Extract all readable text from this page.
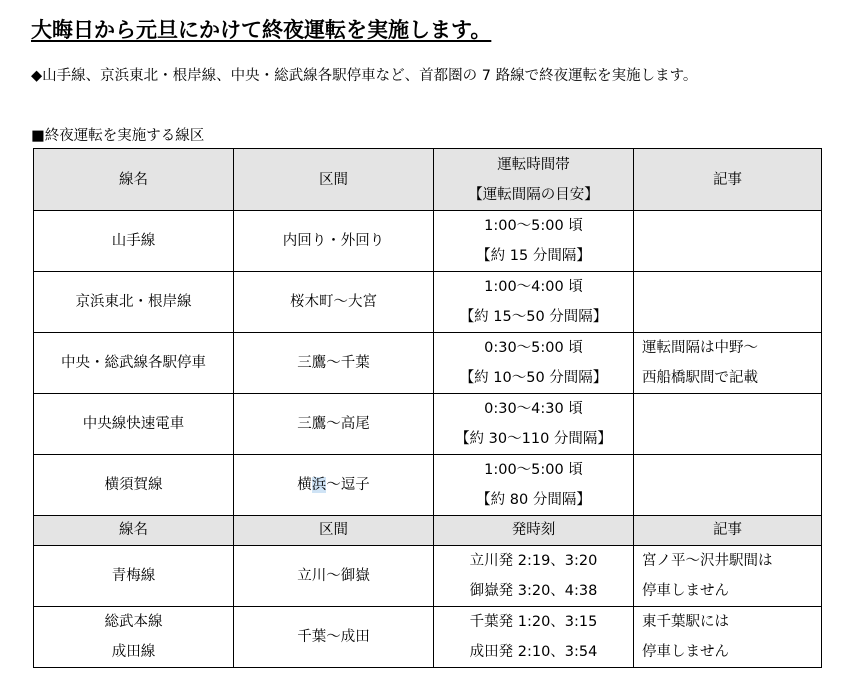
大晦日から元旦にかけて終夜運転を実施します。
◆山手線、京浜東北・根岸線、中央・総武線各駅停車など、首都圏の 7 路線で終夜運転を実施します。
■終夜運転を実施する線区
線名	区間	運転時間帯
【運転間隔の目安】	記事
山手線	内回り・外回り	1:00～5:00 頃
【約 15 分間隔】	

京浜東北・根岸線	桜木町～大宮	1:00～4:00 頃
【約 15～50 分間隔】	

中央・総武線各駅停車	三鷹～千葉	0:30～5:00 頃
【約 10～50 分間隔】	運転間隔は中野～
西船橋駅間で記載

中央線快速電車	三鷹～高尾	0:30～4:30 頃
【約 30～110 分間隔】	

横須賀線	横浜～逗子	1:00～5:00 頃
【約 80 分間隔】	

線名	区間	発時刻	記事

青梅線	立川～御嶽	立川発 2:19、3:20
御嶽発 3:20、4:38	宮ノ平～沢井駅間は
停車しません

総武本線
成田線	千葉～成田	千葉発 1:20、3:15
成田発 2:10、3:54	東千葉駅には
停車しません
